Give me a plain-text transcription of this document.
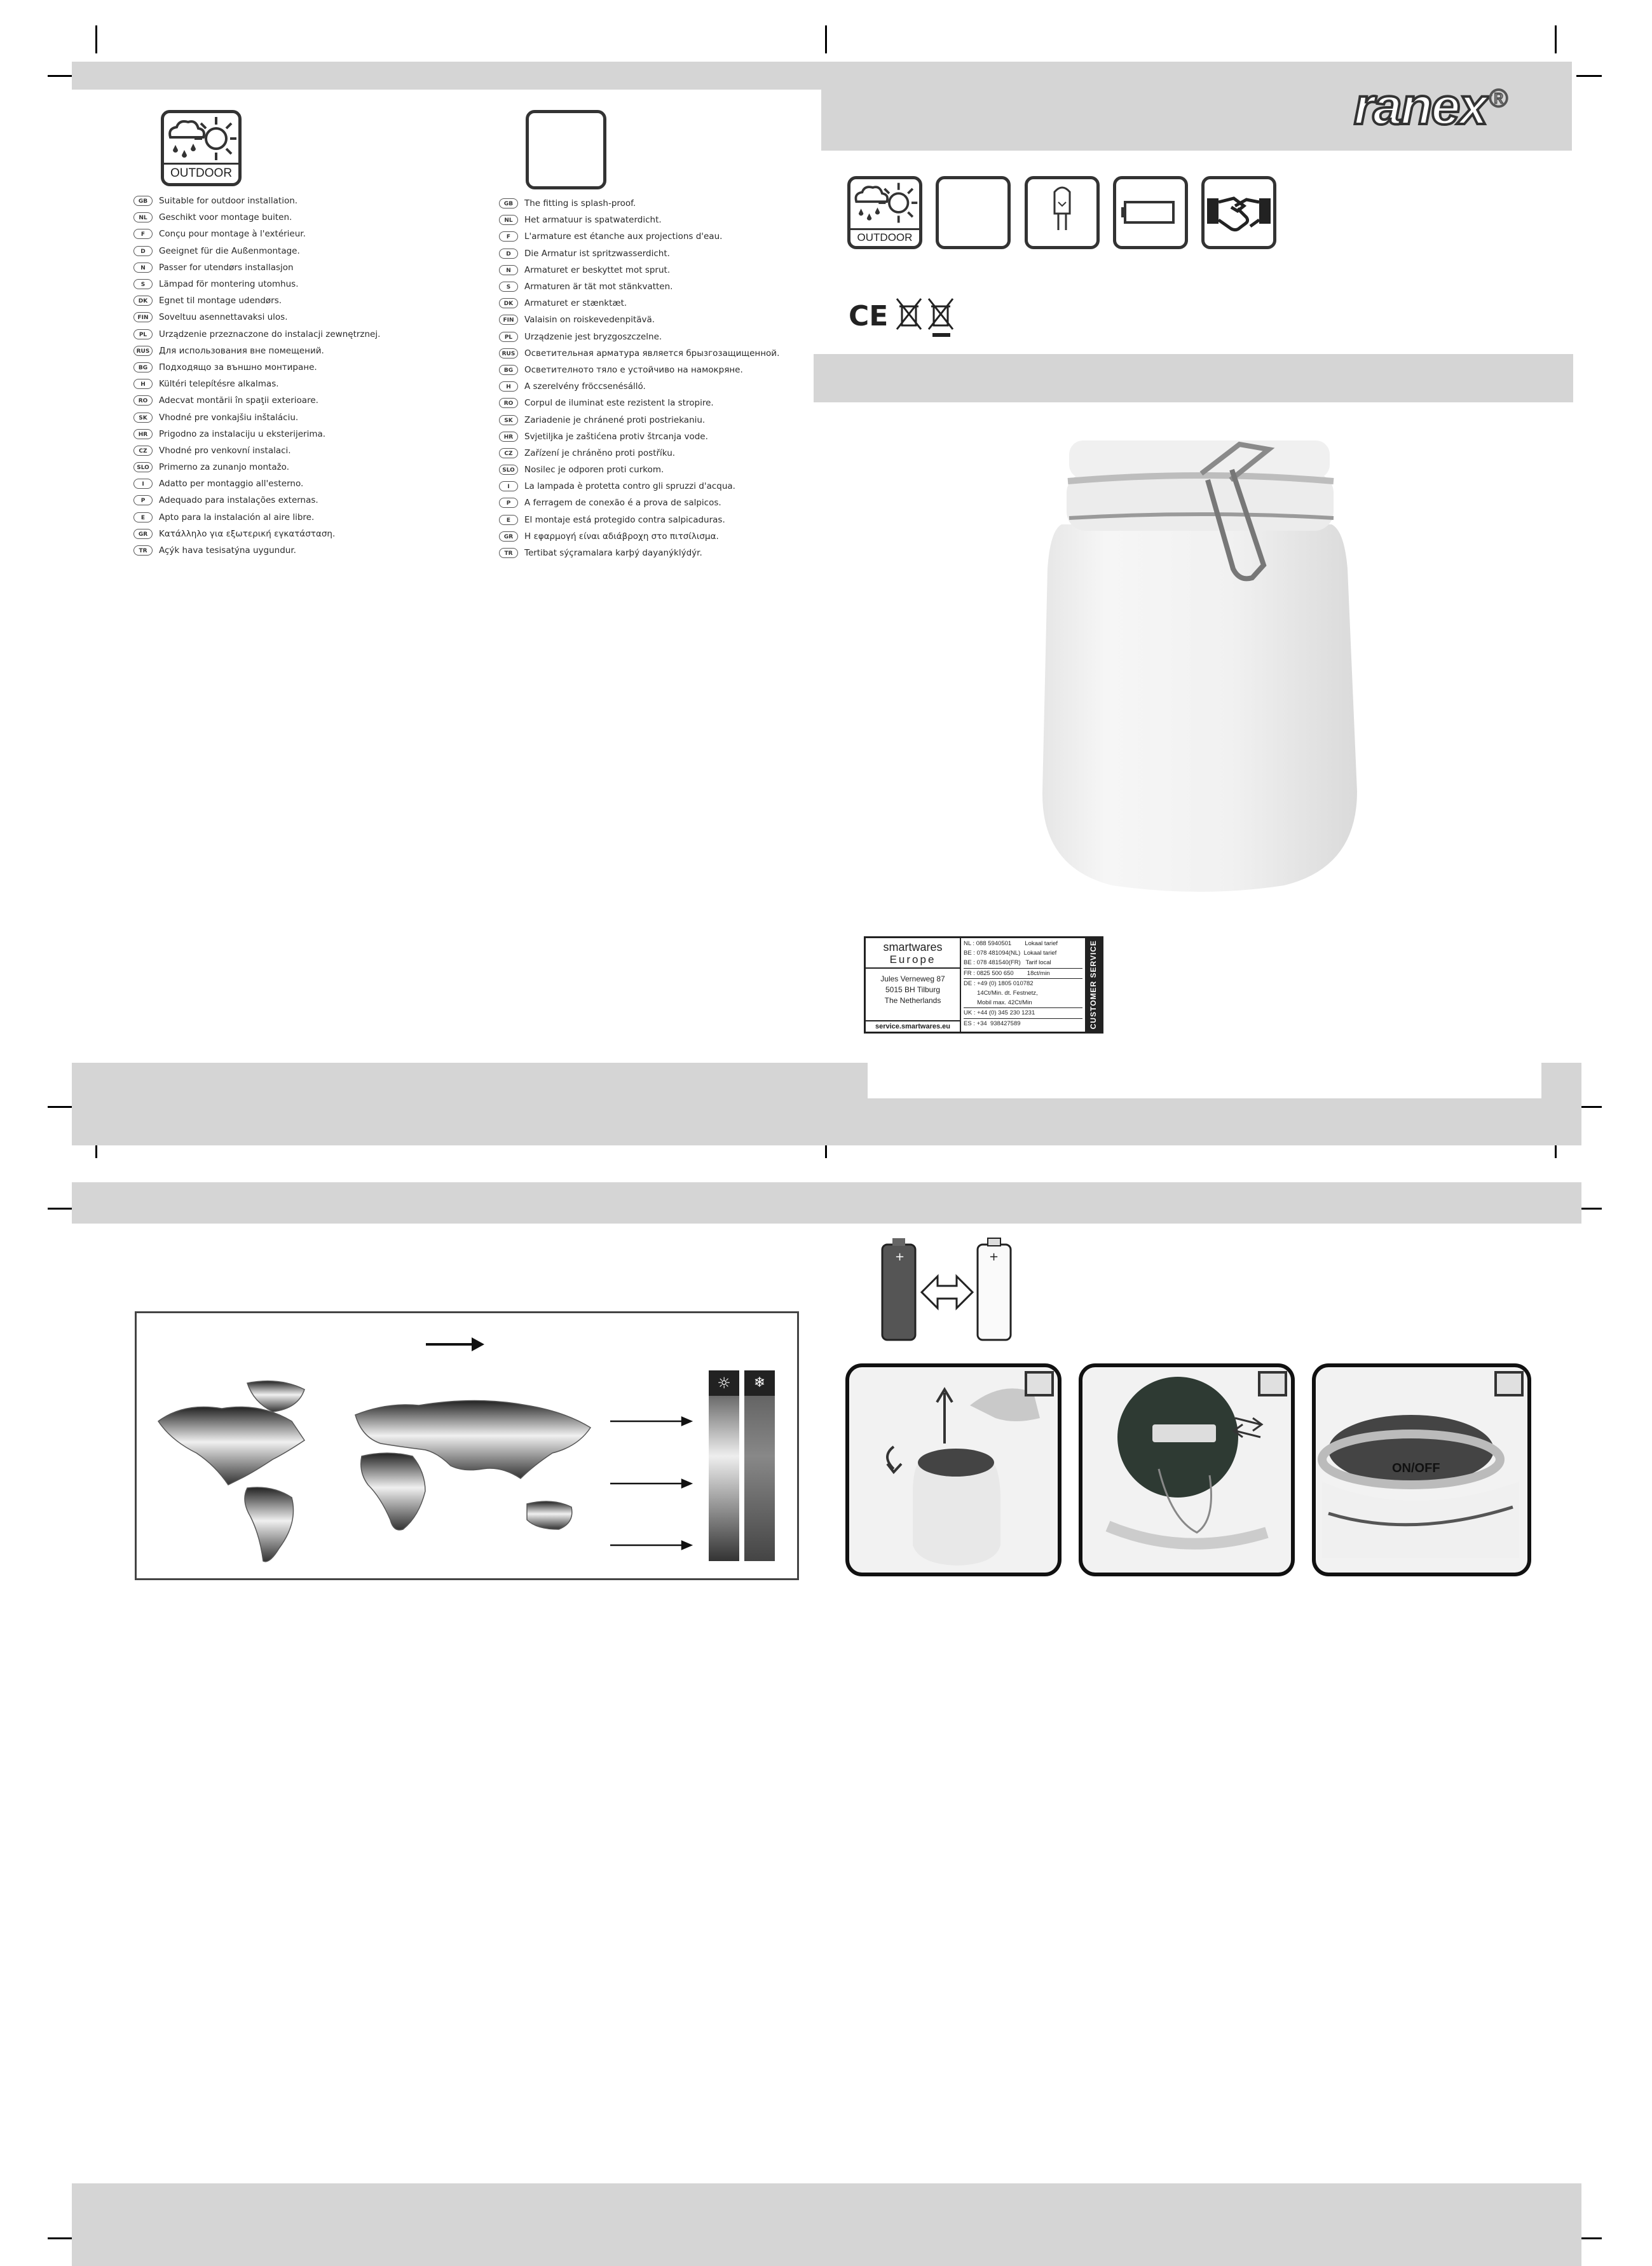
ranex ®
OUTDOOR
GB	Suitable for outdoor installation.
NL	Geschikt voor montage buiten.
F	Conçu pour montage à l'extérieur.
D	Geeignet für die Außenmontage.
N	Passer for utendørs installasjon
S	Lämpad för montering utomhus.
DK	Egnet til montage udendørs.
FIN	Soveltuu asennettavaksi ulos.
PL	Urządzenie przeznaczone do instalacji zewnętrznej.
RUS	Для использования вне помещений.
BG	Подходящо за външно монтиране.
H	Kültéri telepítésre alkalmas.
RO	Adecvat montării în spaţii exterioare.
SK	Vhodné pre vonkajšiu inštaláciu.
HR	Prigodno za instalaciju u eksterijerima.
CZ	Vhodné pro venkovní instalaci.
SLO	Primerno za zunanjo montažo.
I	Adatto per montaggio all'esterno.
P	Adequado para instalações externas.
E	Apto para la instalación al aire libre.
GR	Κατάλληλο για εξωτερική εγκατάσταση.
TR	Açýk hava tesisatýna uygundur.
GB	The fitting is splash-proof.
NL	Het armatuur is spatwaterdicht.
F	L'armature est étanche aux projections d'eau.
D	Die Armatur ist spritzwasserdicht.
N	Armaturet er beskyttet mot sprut.
S	Armaturen är tät mot stänkvatten.
DK	Armaturet er stænktæt.
FIN	Valaisin on roiskevedenpitävä.
PL	Urządzenie jest bryzgoszczelne.
RUS	Осветительная арматура является брызгозащищенной.
BG	Осветителното тяло е устойчиво на намокряне.
H	A szerelvény fröccsenésálló.
RO	Corpul de iluminat este rezistent la stropire.
SK	Zariadenie je chránené proti postriekaniu.
HR	Svjetiljka je zaštićena protiv štrcanja vode.
CZ	Zařízení je chráněno proti postříku.
SLO	Nosilec je odporen proti curkom.
I	La lampada è protetta contro gli spruzzi d'acqua.
P	A ferragem de conexão é a prova de salpicos.
E	El montaje está protegido contra salpicaduras.
GR	Η εφαρμογή είναι αδιάβροχη στο πιτσίλισμα.
TR	Tertibat sýçramalara karþý dayanýklýdýr.
OUTDOOR
CE
smartwares
Europe
Jules Verneweg 87
5015 BH Tilburg
The Netherlands
service.smartwares.eu
NL : 088 5940501        Lokaal tarief
BE : 078 481094(NL)  Lokaal tarief
BE : 078 481540(FR)   Tarif local
FR : 0825 500 650        18ct/min
DE : +49 (0) 1805 010782
14Ct/Min. dt. Festnetz,
Mobil max. 42Ct/Min
UK : +44 (0) 345 230 1231
ES : +34  938427589	CUSTOMER SERVICE
☼	❄
+	+
ON/OFF
